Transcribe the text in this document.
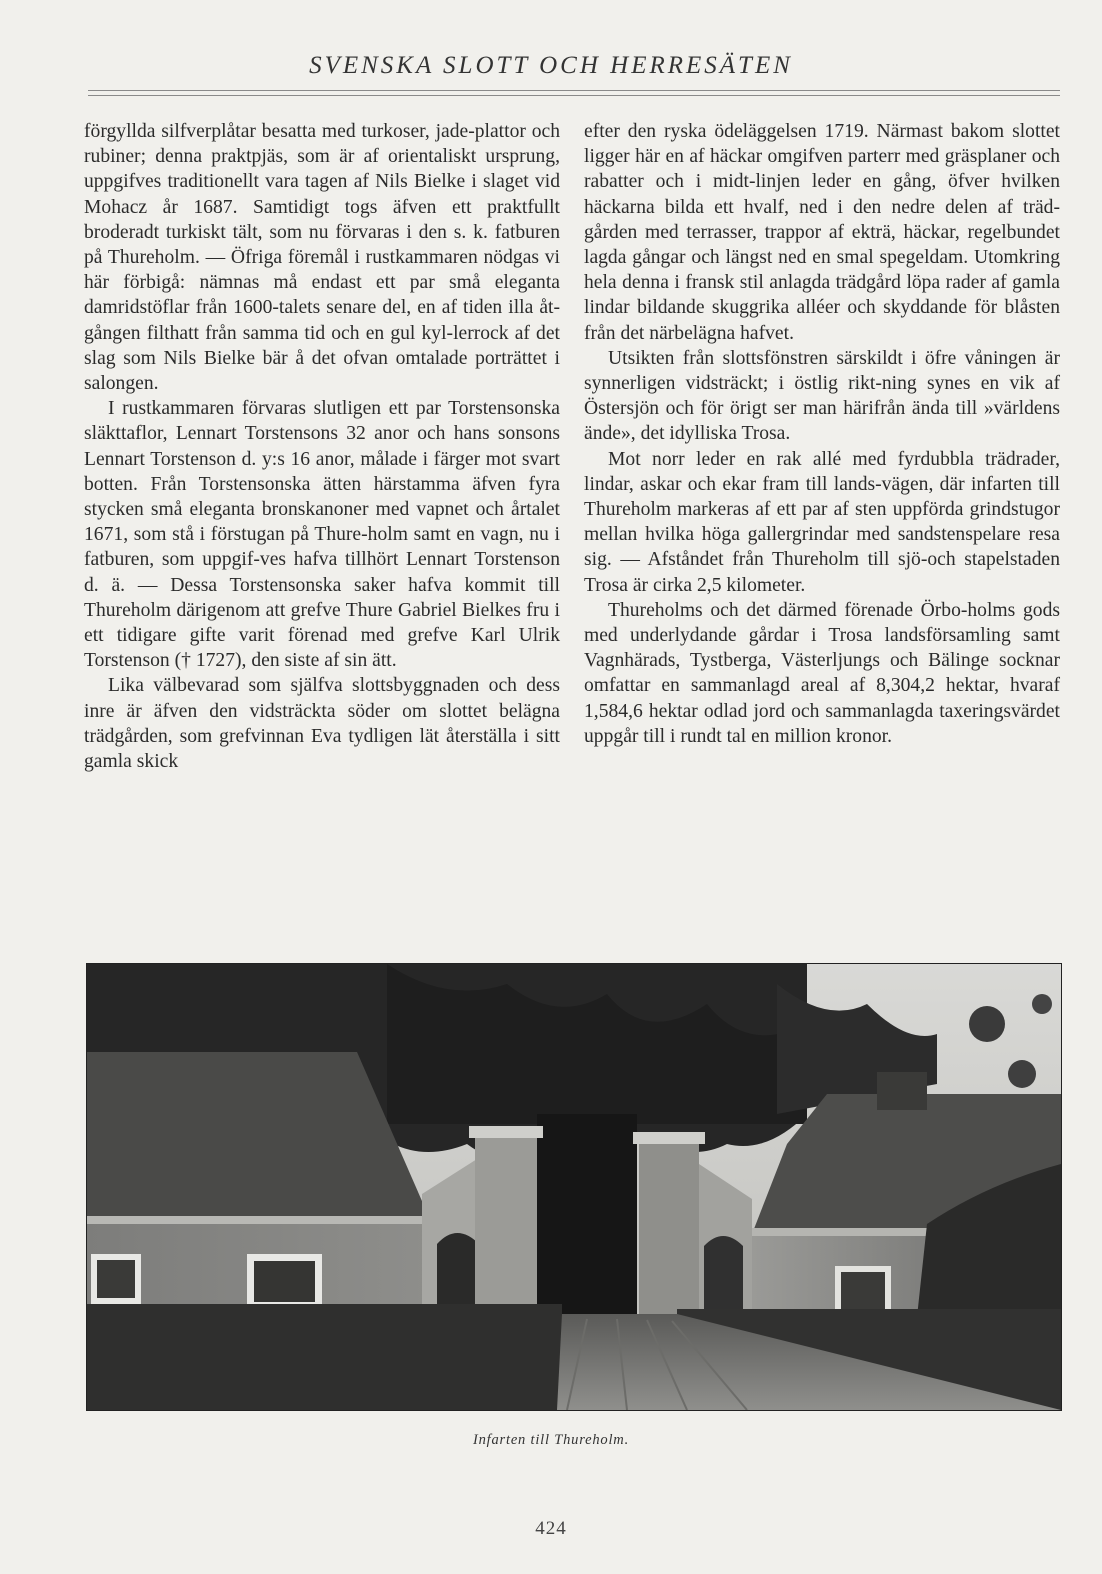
SVENSKA SLOTT OCH HERRESÄTEN

förgyllda silfverplåtar besatta med turkoser, jade-plattor och rubiner; denna praktpjäs, som är af orientaliskt ursprung, uppgifves traditionellt vara tagen af Nils Bielke i slaget vid Mohacz år 1687. Samtidigt togs äfven ett praktfullt broderadt turkiskt tält, som nu förvaras i den s. k. fatburen på Thureholm. — Öfriga föremål i rustkammaren nödgas vi här förbigå: nämnas må endast ett par små eleganta damridstöflar från 1600-talets senare del, en af tiden illa åt-gången filthatt från samma tid och en gul kyl-lerrock af det slag som Nils Bielke bär å det ofvan omtalade porträttet i salongen.

I rustkammaren förvaras slutligen ett par Torstensonska släkttaflor, Lennart Torstensons 32 anor och hans sonsons Lennart Torstenson d. y:s 16 anor, målade i färger mot svart botten. Från Torstensonska ätten härstamma äfven fyra stycken små eleganta bronskanoner med vapnet och årtalet 1671, som stå i förstugan på Thure-holm samt en vagn, nu i fatburen, som uppgif-ves hafva tillhört Lennart Torstenson d. ä. — Dessa Torstensonska saker hafva kommit till Thureholm därigenom att grefve Thure Gabriel Bielkes fru i ett tidigare gifte varit förenad med grefve Karl Ulrik Torstenson († 1727), den siste af sin ätt.

Lika välbevarad som själfva slottsbyggnaden och dess inre är äfven den vidsträckta söder om slottet belägna trädgården, som grefvinnan Eva tydligen lät återställa i sitt gamla skick

efter den ryska ödeläggelsen 1719. Närmast bakom slottet ligger här en af häckar omgifven parterr med gräsplaner och rabatter och i midt-linjen leder en gång, öfver hvilken häckarna bilda ett hvalf, ned i den nedre delen af träd-gården med terrasser, trappor af ekträ, häckar, regelbundet lagda gångar och längst ned en smal spegeldam. Utomkring hela denna i fransk stil anlagda trädgård löpa rader af gamla lindar bildande skuggrika alléer och skyddande för blåsten från det närbelägna hafvet.

Utsikten från slottsfönstren särskildt i öfre våningen är synnerligen vidsträckt; i östlig rikt-ning synes en vik af Östersjön och för örigt ser man härifrån ända till »världens ände», det idylliska Trosa.

Mot norr leder en rak allé med fyrdubbla trädrader, lindar, askar och ekar fram till lands-vägen, där infarten till Thureholm markeras af ett par af sten uppförda grindstugor mellan hvilka höga gallergrindar med sandstenspelare resa sig. — Afståndet från Thureholm till sjö-och stapelstaden Trosa är cirka 2,5 kilometer.

Thureholms och det därmed förenade Örbo-holms gods med underlydande gårdar i Trosa landsförsamling samt Vagnhärads, Tystberga, Västerljungs och Bälinge socknar omfattar en sammanlagd areal af 8,304,2 hektar, hvaraf 1,584,6 hektar odlad jord och sammanlagda taxeringsvärdet uppgår till i rundt tal en million kronor.

Infarten till Thureholm.
424
